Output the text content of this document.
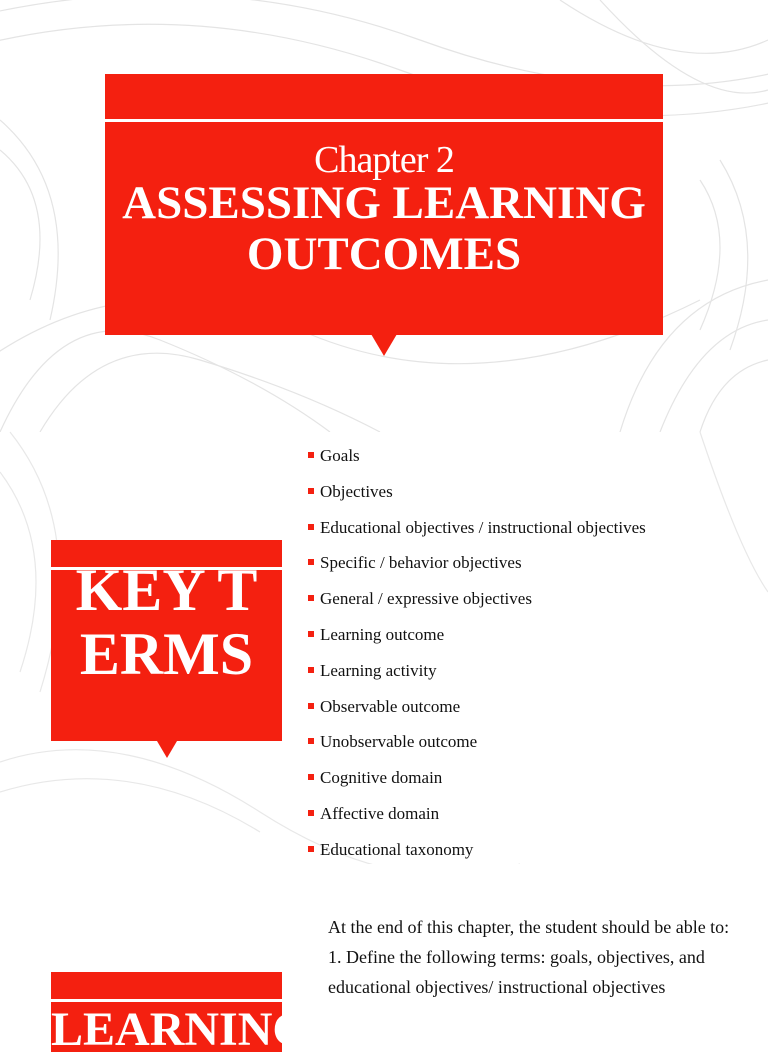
Chapter 2
ASSESSING LEARNING OUTCOMES
KEY TERMS
Goals
Objectives
Educational objectives / instructional objectives
Specific / behavior objectives
General / expressive objectives
Learning outcome
Learning activity
Observable outcome
Unobservable outcome
Cognitive domain
Affective domain
Educational taxonomy

At the end of this chapter, the student should be able to:

1. Define the following terms: goals, objectives, and educational objectives/ instructional objectives

LEARNING
